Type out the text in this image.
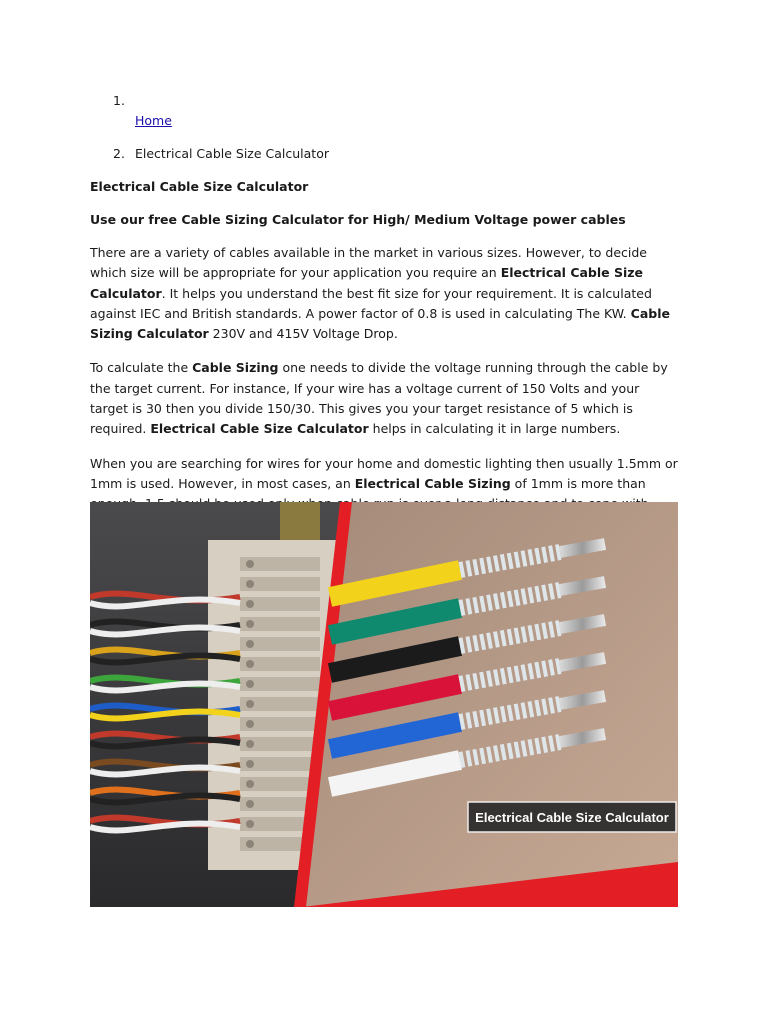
1.
Home
2. Electrical Cable Size Calculator
Electrical Cable Size Calculator
Use our free Cable Sizing Calculator for High/ Medium Voltage power cables

There are a variety of cables available in the market in various sizes. However, to decide which size will be appropriate for your application you require an Electrical Cable Size Calculator. It helps you understand the best fit size for your requirement. It is calculated against IEC and British standards. A power factor of 0.8 is used in calculating The KW. Cable Sizing Calculator 230V and 415V Voltage Drop.

To calculate the Cable Sizing one needs to divide the voltage running through the cable by the target current. For instance, If your wire has a voltage current of 150 Volts and your target is 30 then you divide 150/30. This gives you your target resistance of 5 which is required. Electrical Cable Size Calculator helps in calculating it in large numbers.

When you are searching for wires for your home and domestic lighting then usually 1.5mm or 1mm is used. However, in most cases, an Electrical Cable Sizing of 1mm is more than

Electrical Cable Size Calculator
